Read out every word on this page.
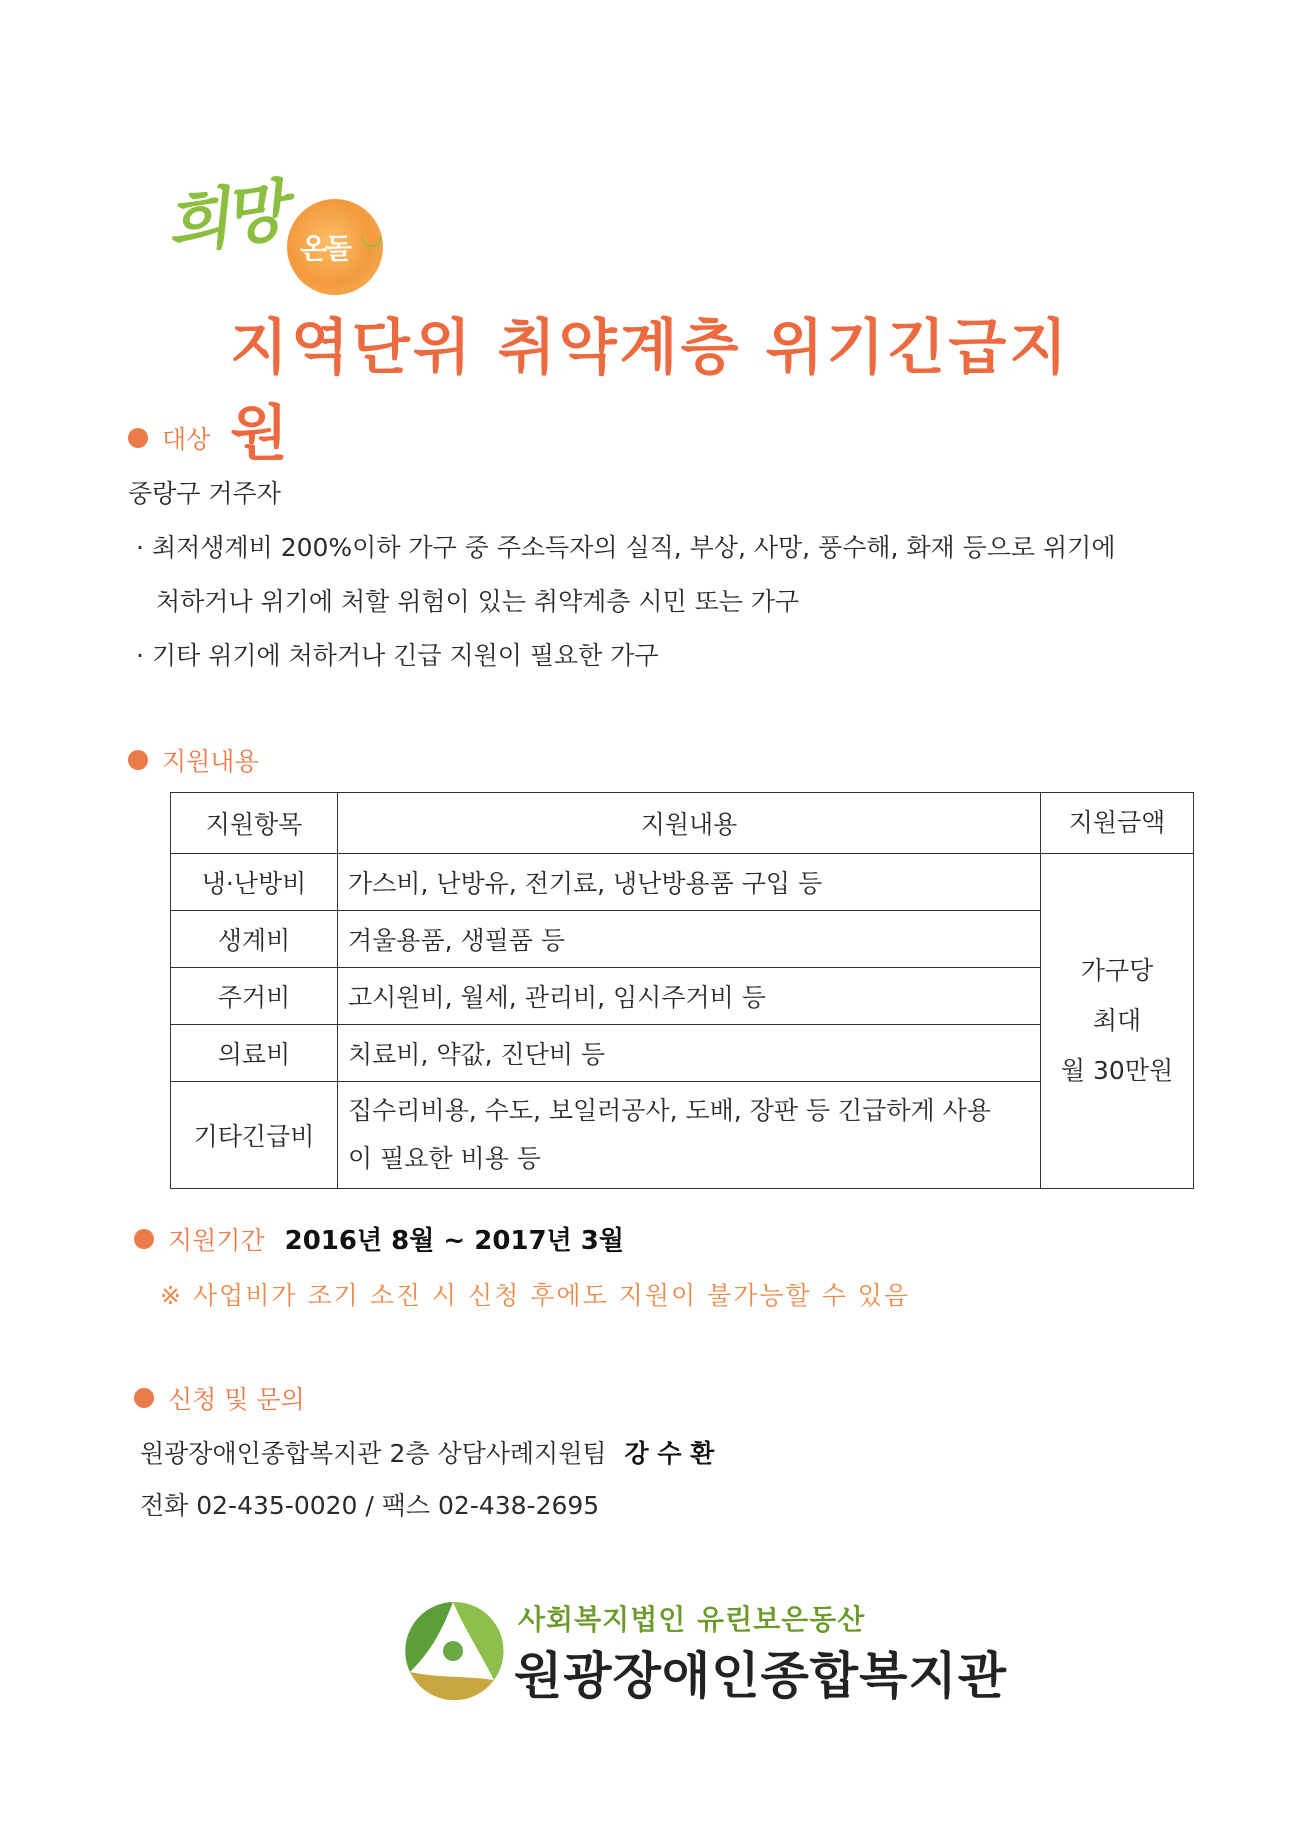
희망 온돌 ◡
지역단위 취약계층 위기긴급지원
대상
중랑구 거주자
· 최저생계비 200%이하 가구 중 주소득자의 실직, 부상, 사망, 풍수해, 화재 등으로 위기에
처하거나 위기에 처할 위험이 있는 취약계층 시민 또는 가구
· 기타 위기에 처하거나 긴급 지원이 필요한 가구
지원내용
지원항목	지원내용	지원금액
냉·난방비	가스비, 난방유, 전기료, 냉난방용품 구입 등	가구당
최대
월 30만원

생계비	겨울용품, 생필품 등	
주거비	고시원비, 월세, 관리비, 임시주거비 등	
의료비	치료비, 약값, 진단비 등	
기타긴급비	집수리비용, 수도, 보일러공사, 도배, 장판 등 긴급하게 사용
이 필요한 비용 등	
지원기간 2016년 8월 ~ 2017년 3월
※ 사업비가 조기 소진 시 신청 후에도 지원이 불가능할 수 있음
신청 및 문의
원광장애인종합복지관 2층 상담사례지원팀 강 수 환
전화 02-435-0020 / 팩스 02-438-2695
사회복지법인 유린보은동산
원광장애인종합복지관
